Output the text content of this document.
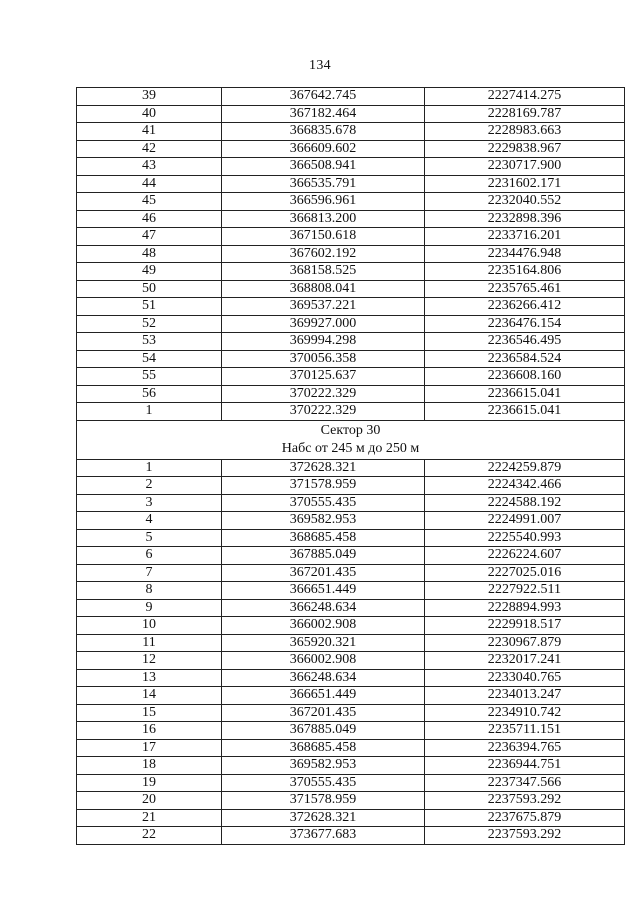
134
39	367642.745	2227414.275
40	367182.464	2228169.787
41	366835.678	2228983.663
42	366609.602	2229838.967
43	366508.941	2230717.900
44	366535.791	2231602.171
45	366596.961	2232040.552
46	366813.200	2232898.396
47	367150.618	2233716.201
48	367602.192	2234476.948
49	368158.525	2235164.806
50	368808.041	2235765.461
51	369537.221	2236266.412
52	369927.000	2236476.154
53	369994.298	2236546.495
54	370056.358	2236584.524
55	370125.637	2236608.160
56	370222.329	2236615.041
1	370222.329	2236615.041

Сектор 30
Набс от 245 м до 250 м		

1	372628.321	2224259.879
2	371578.959	2224342.466
3	370555.435	2224588.192
4	369582.953	2224991.007
5	368685.458	2225540.993
6	367885.049	2226224.607
7	367201.435	2227025.016
8	366651.449	2227922.511
9	366248.634	2228894.993
10	366002.908	2229918.517
11	365920.321	2230967.879
12	366002.908	2232017.241
13	366248.634	2233040.765
14	366651.449	2234013.247
15	367201.435	2234910.742
16	367885.049	2235711.151
17	368685.458	2236394.765
18	369582.953	2236944.751
19	370555.435	2237347.566
20	371578.959	2237593.292
21	372628.321	2237675.879
22	373677.683	2237593.292
